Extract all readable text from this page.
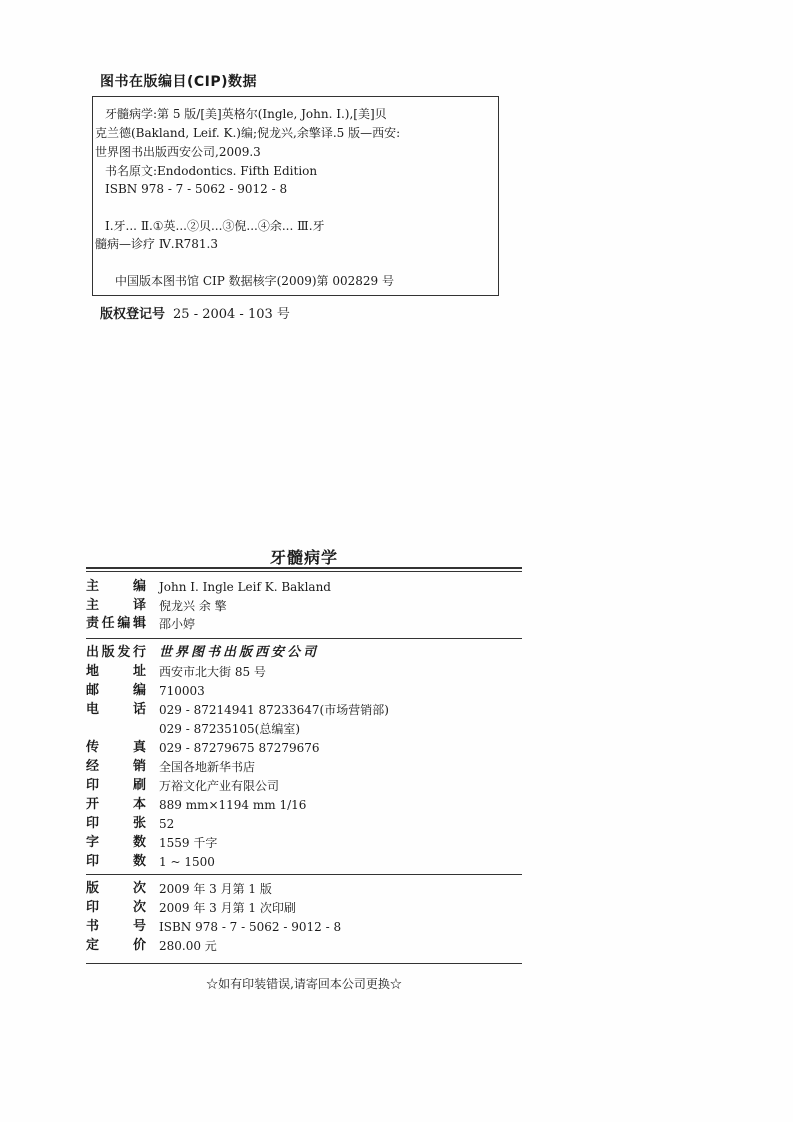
图书在版编目(CIP)数据
牙髓病学:第 5 版/[美]英格尔(Ingle, John. I.),[美]贝
克兰德(Bakland, Leif. K.)编;倪龙兴,余擎译.5 版—西安:
世界图书出版西安公司,2009.3
书名原文:Endodontics. Fifth Edition
ISBN 978 - 7 - 5062 - 9012 - 8
Ⅰ.牙... Ⅱ.①英...②贝...③倪...④余... Ⅲ.牙
髓病—诊疗 Ⅳ.R781.3
中国版本图书馆 CIP 数据核字(2009)第 002829 号
版权登记号 25 - 2004 - 103 号
牙髓病学
主　编 John I. Ingle Leif K. Bakland
主　译 倪龙兴 余 擎
责任编辑 邵小婷
出版发行 世界图书出版西安公司
地　址 西安市北大街 85 号
邮　编 710003
电　话 029 - 87214941 87233647(市场营销部)
029 - 87235105(总编室)
传　真 029 - 87279675 87279676
经　销 全国各地新华书店
印　刷 万裕文化产业有限公司
开　本 889 mm×1194 mm 1/16
印　张 52
字　数 1559 千字
印　数 1 ~ 1500
版　次 2009 年 3 月第 1 版
印　次 2009 年 3 月第 1 次印刷
书　号 ISBN 978 - 7 - 5062 - 9012 - 8
定　价 280.00 元
☆如有印装错误,请寄回本公司更换☆
